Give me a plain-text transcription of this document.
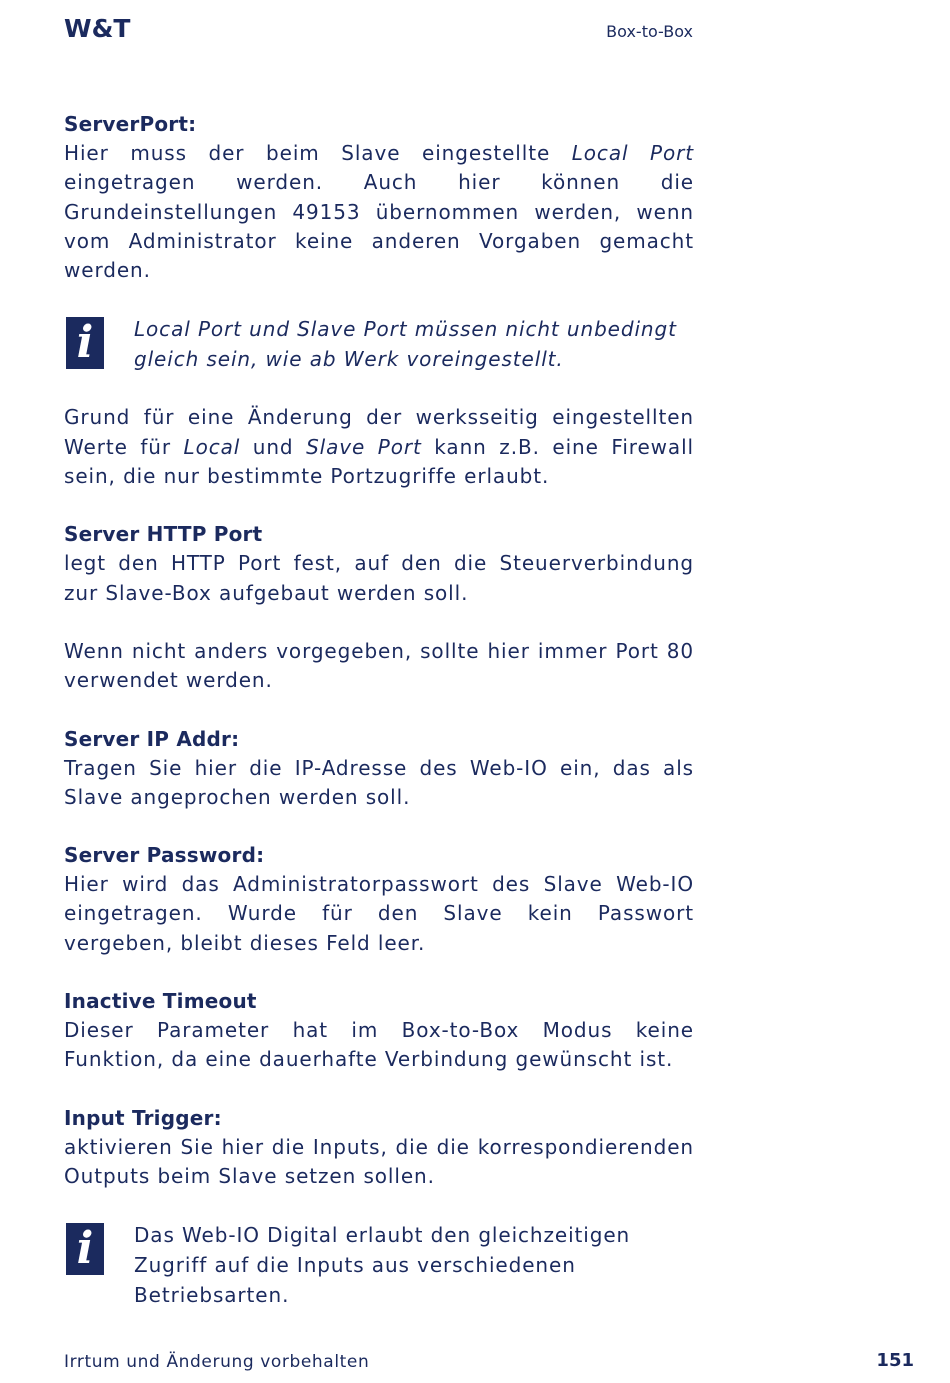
W&T	Box-to-Box
ServerPort:

Hier muss der beim Slave eingestellte Local Port eingetragen werden. Auch hier können die Grundeinstellungen 49153 übernommen werden, wenn vom Administrator keine anderen Vorgaben gemacht werden.

i	Local Port und Slave Port müssen nicht unbedingt gleich sein, wie ab Werk voreingestellt.

Grund für eine Änderung der werksseitig eingestellten Werte für Local und Slave Port kann z.B. eine Firewall sein, die nur bestimmte Portzugriffe erlaubt.

Server HTTP Port

legt den HTTP Port fest, auf den die Steuerverbindung zur Slave-Box aufgebaut werden soll.

Wenn nicht anders vorgegeben, sollte hier immer Port 80 verwendet werden.

Server IP Addr:

Tragen Sie hier die IP-Adresse des Web-IO ein, das als Slave angeprochen werden soll.

Server Password:

Hier wird das Administratorpasswort des Slave Web-IO eingetragen. Wurde für den Slave kein Passwort vergeben, bleibt dieses Feld leer.

Inactive Timeout

Dieser Parameter hat im Box-to-Box Modus keine Funktion, da eine dauerhafte Verbindung gewünscht ist.

Input Trigger:

aktivieren Sie hier die Inputs, die die korrespondierenden Outputs beim Slave setzen sollen.

i	Das Web-IO Digital erlaubt den gleichzeitigen Zugriff auf die Inputs aus verschiedenen Betriebsarten.

Irrtum und Änderung vorbehalten	151
